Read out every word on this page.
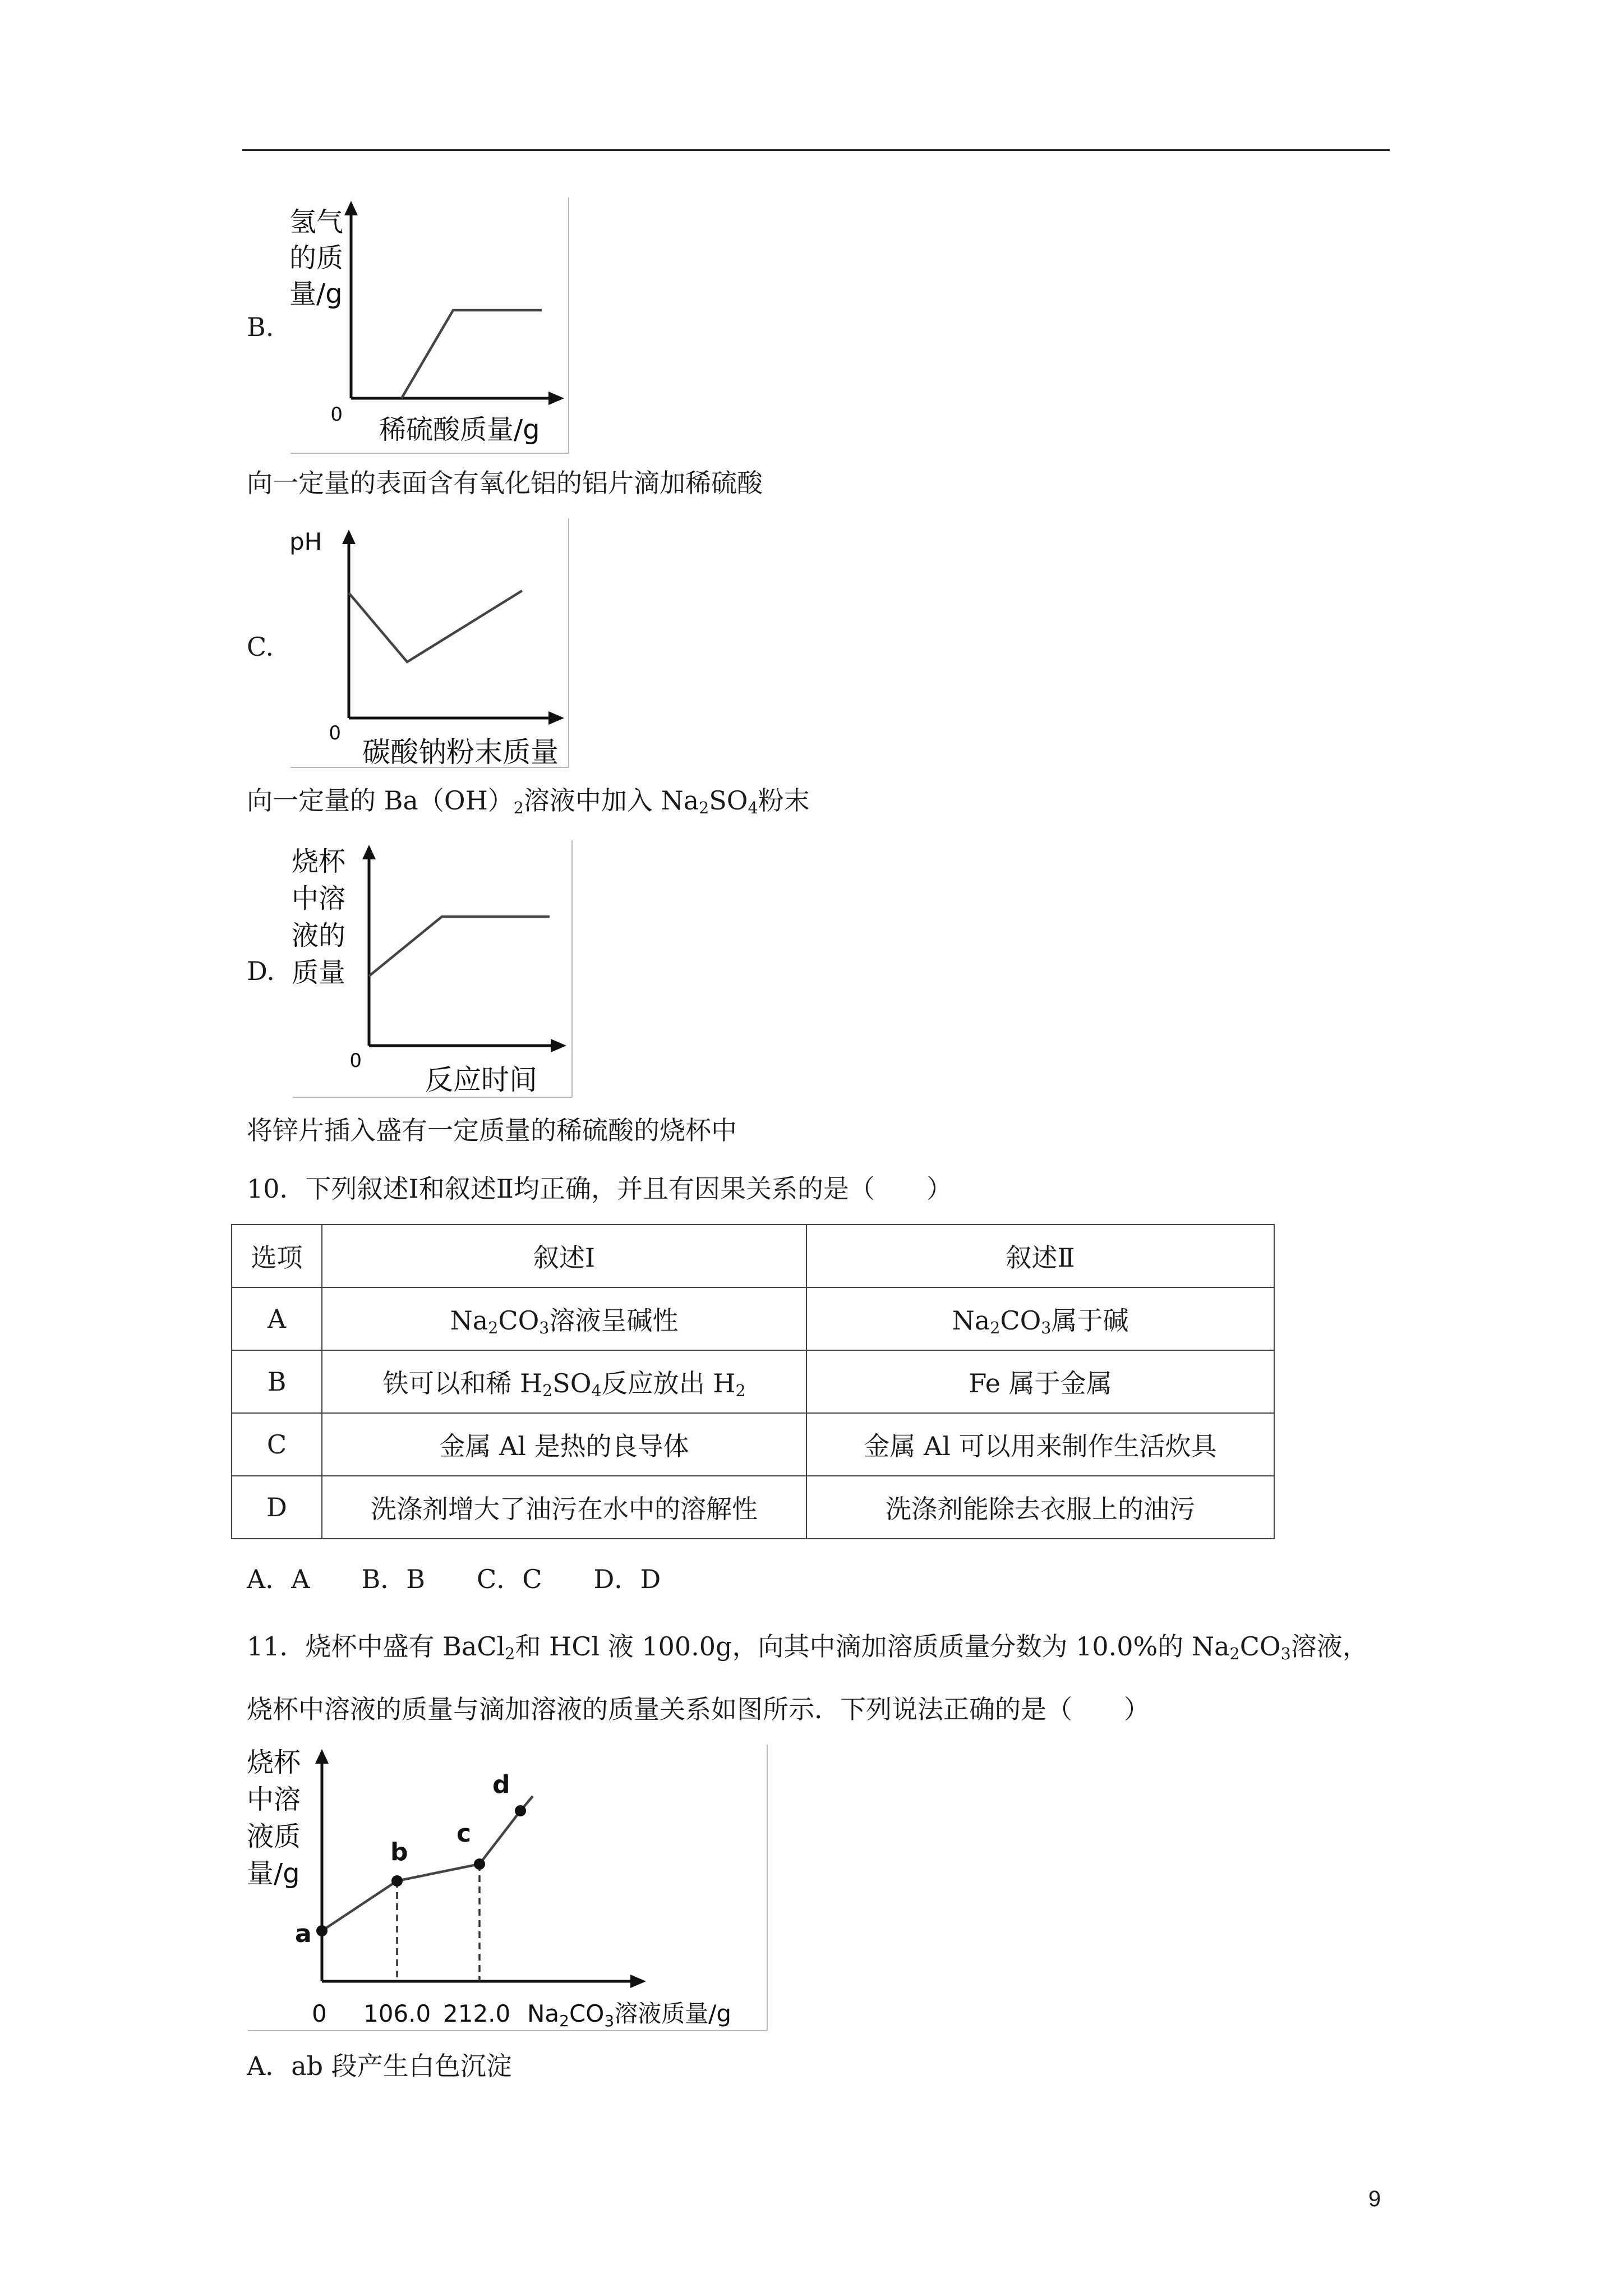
B.
氢气
的质
量/g
0 稀硫酸质量/g
向一定量的表面含有氧化铝的铝片滴加稀硫酸
C.
pH
0
碳酸钠粉末质量
向一定量的 $Ba(OH)_2$溶液中加入 $Na_2SO_4$粉末
D.
烧杯
中溶
液的
质量
0
反应时间
将锌片插入盛有一定质量的稀硫酸的烧杯中
10．下列叙述Ⅰ和叙述Ⅱ均正确，并且有因果关系的是（　　）
选项	叙述Ⅰ	叙述Ⅱ
A	$Na_2CO_3$溶液呈碱性	$Na_2CO_3$属于碱
B	铁可以和稀 $H_2SO_4$反应放出 $H_2$	Fe 属于金属
C	金属 Al 是热的良导体	金属 Al 可以用来制作生活炊具
D	洗涤剂增大了油污在水中的溶解性	洗涤剂能除去衣服上的油污
A．A　　B．B　　C．C　　D．D
11．烧杯中盛有 BaCl$_2$和 HCl 液 100.0g，向其中滴加溶质质量分数为 10.0%的 $Na_2CO_3$溶液，
烧杯中溶液的质量与滴加溶液的质量关系如图所示．下列说法正确的是（　　）
烧杯
中溶
液质
量/g
a
b
c
d
0 106.0 212.0 Na2CO3溶液质量/g
A．ab 段产生白色沉淀
9
